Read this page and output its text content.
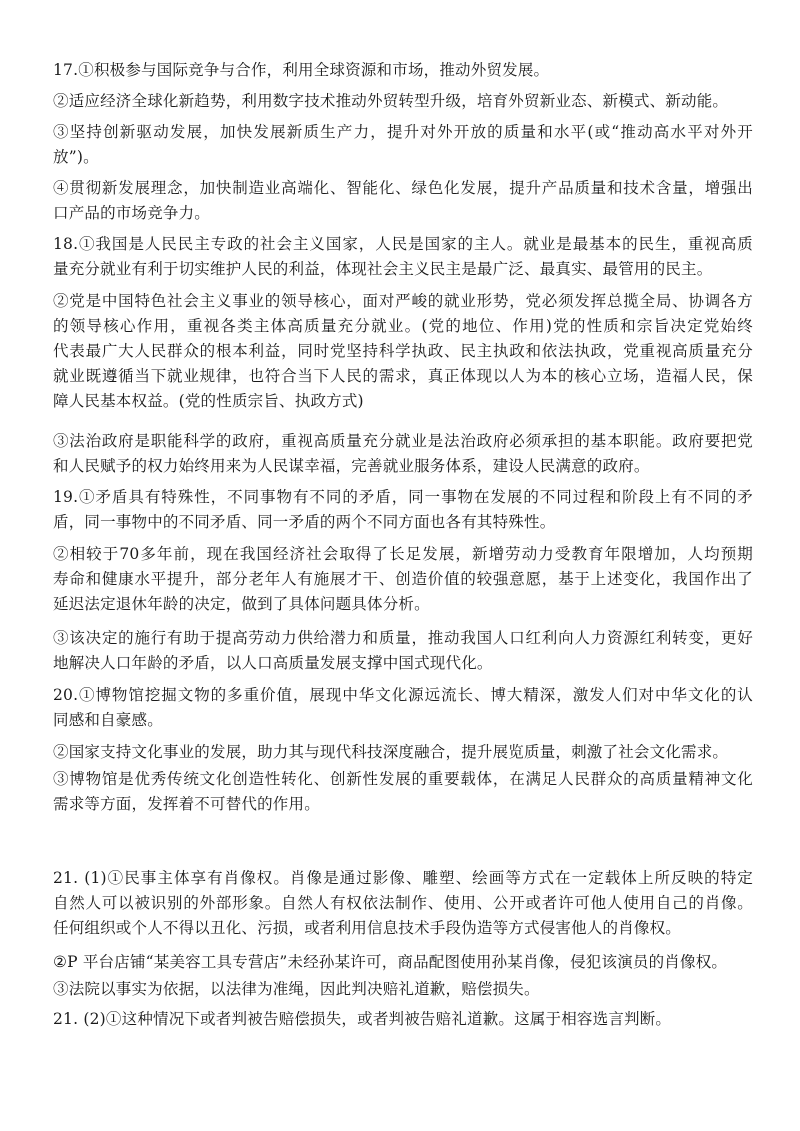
17.①积极参与国际竞争与合作，利用全球资源和市场，推动外贸发展。

②适应经济全球化新趋势，利用数字技术推动外贸转型升级，培育外贸新业态、新模式、新动能。

③坚持创新驱动发展，加快发展新质生产力，提升对外开放的质量和水平(或“推动高水平对外开
放”)。

④贯彻新发展理念，加快制造业高端化、智能化、绿色化发展，提升产品质量和技术含量，增强出
口产品的市场竞争力。

18.①我国是人民民主专政的社会主义国家，人民是国家的主人。就业是最基本的民生，重视高质
量充分就业有利于切实维护人民的利益，体现社会主义民主是最广泛、最真实、最管用的民主。

②党是中国特色社会主义事业的领导核心，面对严峻的就业形势，党必须发挥总揽全局、协调各方
的领导核心作用，重视各类主体高质量充分就业。(党的地位、作用)党的性质和宗旨决定党始终
代表最广大人民群众的根本利益，同时党坚持科学执政、民主执政和依法执政，党重视高质量充分
就业既遵循当下就业规律，也符合当下人民的需求，真正体现以人为本的核心立场，造福人民，保
障人民基本权益。(党的性质宗旨、执政方式)

③法治政府是职能科学的政府，重视高质量充分就业是法治政府必须承担的基本职能。政府要把党
和人民赋予的权力始终用来为人民谋幸福，完善就业服务体系，建设人民满意的政府。

19.①矛盾具有特殊性，不同事物有不同的矛盾，同一事物在发展的不同过程和阶段上有不同的矛
盾，同一事物中的不同矛盾、同一矛盾的两个不同方面也各有其特殊性。

②相较于70多年前，现在我国经济社会取得了长足发展，新增劳动力受教育年限增加，人均预期
寿命和健康水平提升，部分老年人有施展才干、创造价值的较强意愿，基于上述变化，我国作出了
延迟法定退休年龄的决定，做到了具体问题具体分析。

③该决定的施行有助于提高劳动力供给潜力和质量，推动我国人口红利向人力资源红利转变，更好
地解决人口年龄的矛盾，以人口高质量发展支撑中国式现代化。

20.①博物馆挖掘文物的多重价值，展现中华文化源远流长、博大精深，激发人们对中华文化的认
同感和自豪感。

②国家支持文化事业的发展，助力其与现代科技深度融合，提升展览质量，刺激了社会文化需求。

③博物馆是优秀传统文化创造性转化、创新性发展的重要载体，在满足人民群众的高质量精神文化
需求等方面，发挥着不可替代的作用。

21. (1)①民事主体享有肖像权。肖像是通过影像、雕塑、绘画等方式在一定载体上所反映的特定
自然人可以被识别的外部形象。自然人有权依法制作、使用、公开或者许可他人使用自己的肖像。
任何组织或个人不得以丑化、污损，或者利用信息技术手段伪造等方式侵害他人的肖像权。

②P 平台店铺“某美容工具专营店”未经孙某许可，商品配图使用孙某肖像，侵犯该演员的肖像权。

③法院以事实为依据，以法律为准绳，因此判决赔礼道歉，赔偿损失。

21. (2)①这种情况下或者判被告赔偿损失，或者判被告赔礼道歉。这属于相容选言判断。
